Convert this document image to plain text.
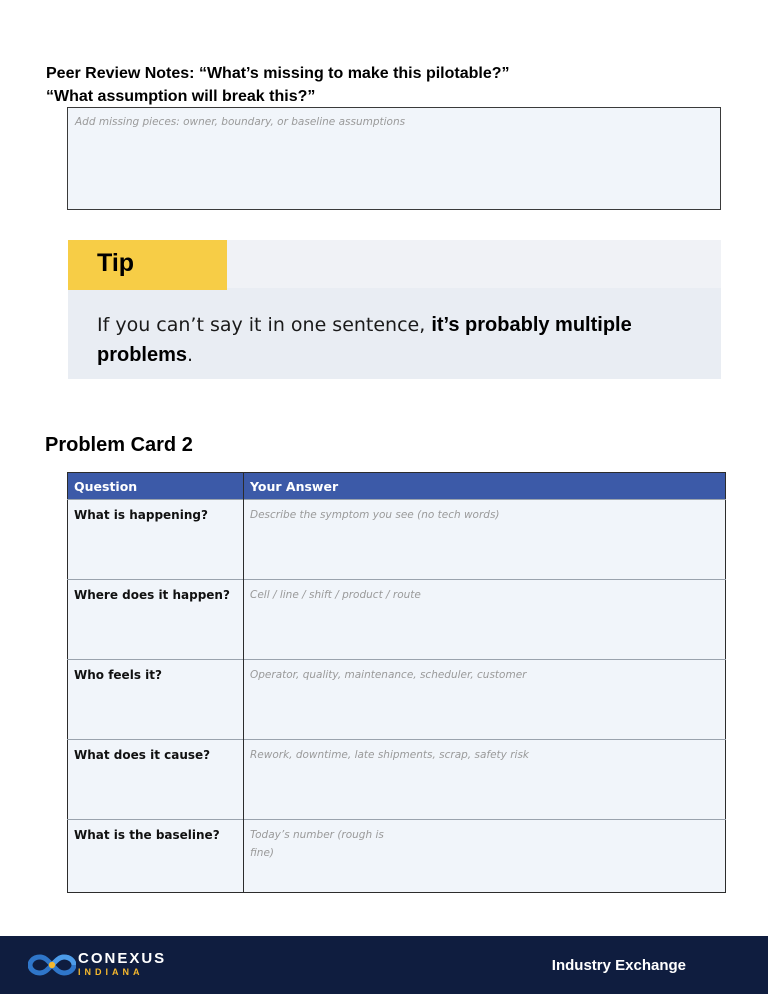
Peer Review Notes: “What’s missing to make this pilotable?”
“What assumption will break this?”
Add missing pieces: owner, boundary, or baseline assumptions
Tip
If you can’t say it in one sentence, it’s probably multiple problems.
Problem Card 2
Question	Your Answer
What is happening?	Describe the symptom you see (no tech words)

Where does it happen?	Cell / line / shift / product / route

Who feels it?	Operator, quality, maintenance, scheduler, customer

What does it cause?	Rework, downtime, late shipments, scrap, safety risk

What is the baseline?	Today’s number (rough is fine)
CONEXUS
INDIANA	Industry Exchange
